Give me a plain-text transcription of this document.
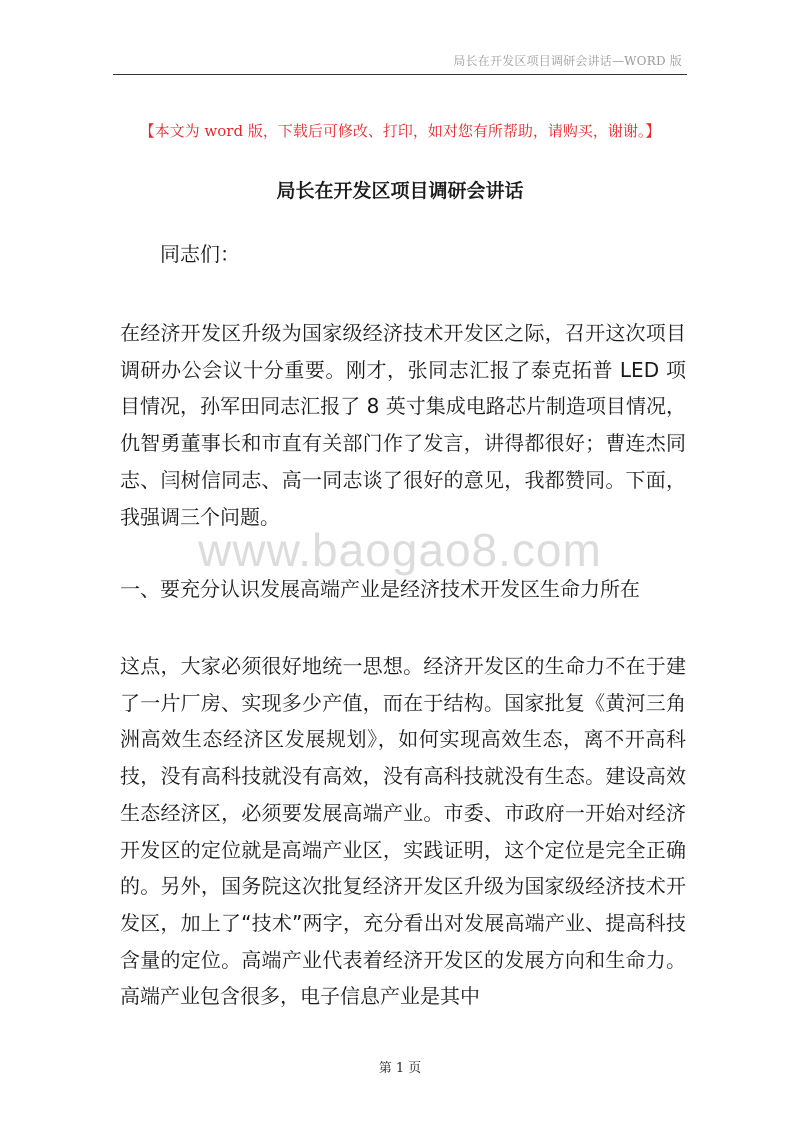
局长在开发区项目调研会讲话—WORD 版
【本文为 word 版，下载后可修改、打印，如对您有所帮助，请购买，谢谢。】
局长在开发区项目调研会讲话
同志们：

在经济开发区升级为国家级经济技术开发区之际，召开这次项目调研办公会议十分重要。刚才，张同志汇报了泰克拓普 LED 项目情况，孙军田同志汇报了 8 英寸集成电路芯片制造项目情况，仇智勇董事长和市直有关部门作了发言，讲得都很好；曹连杰同志、闫树信同志、高一同志谈了很好的意见，我都赞同。下面，我强调三个问题。

www.baogao8.com
一、要充分认识发展高端产业是经济技术开发区生命力所在

这点，大家必须很好地统一思想。经济开发区的生命力不在于建了一片厂房、实现多少产值，而在于结构。国家批复《黄河三角洲高效生态经济区发展规划》，如何实现高效生态，离不开高科技，没有高科技就没有高效，没有高科技就没有生态。建设高效生态经济区，必须要发展高端产业。市委、市政府一开始对经济开发区的定位就是高端产业区，实践证明，这个定位是完全正确的。另外，国务院这次批复经济开发区升级为国家级经济技术开发区，加上了“技术”两字，充分看出对发展高端产业、提高科技含量的定位。高端产业代表着经济开发区的发展方向和生命力。高端产业包含很多，电子信息产业是其中

第 1 页
